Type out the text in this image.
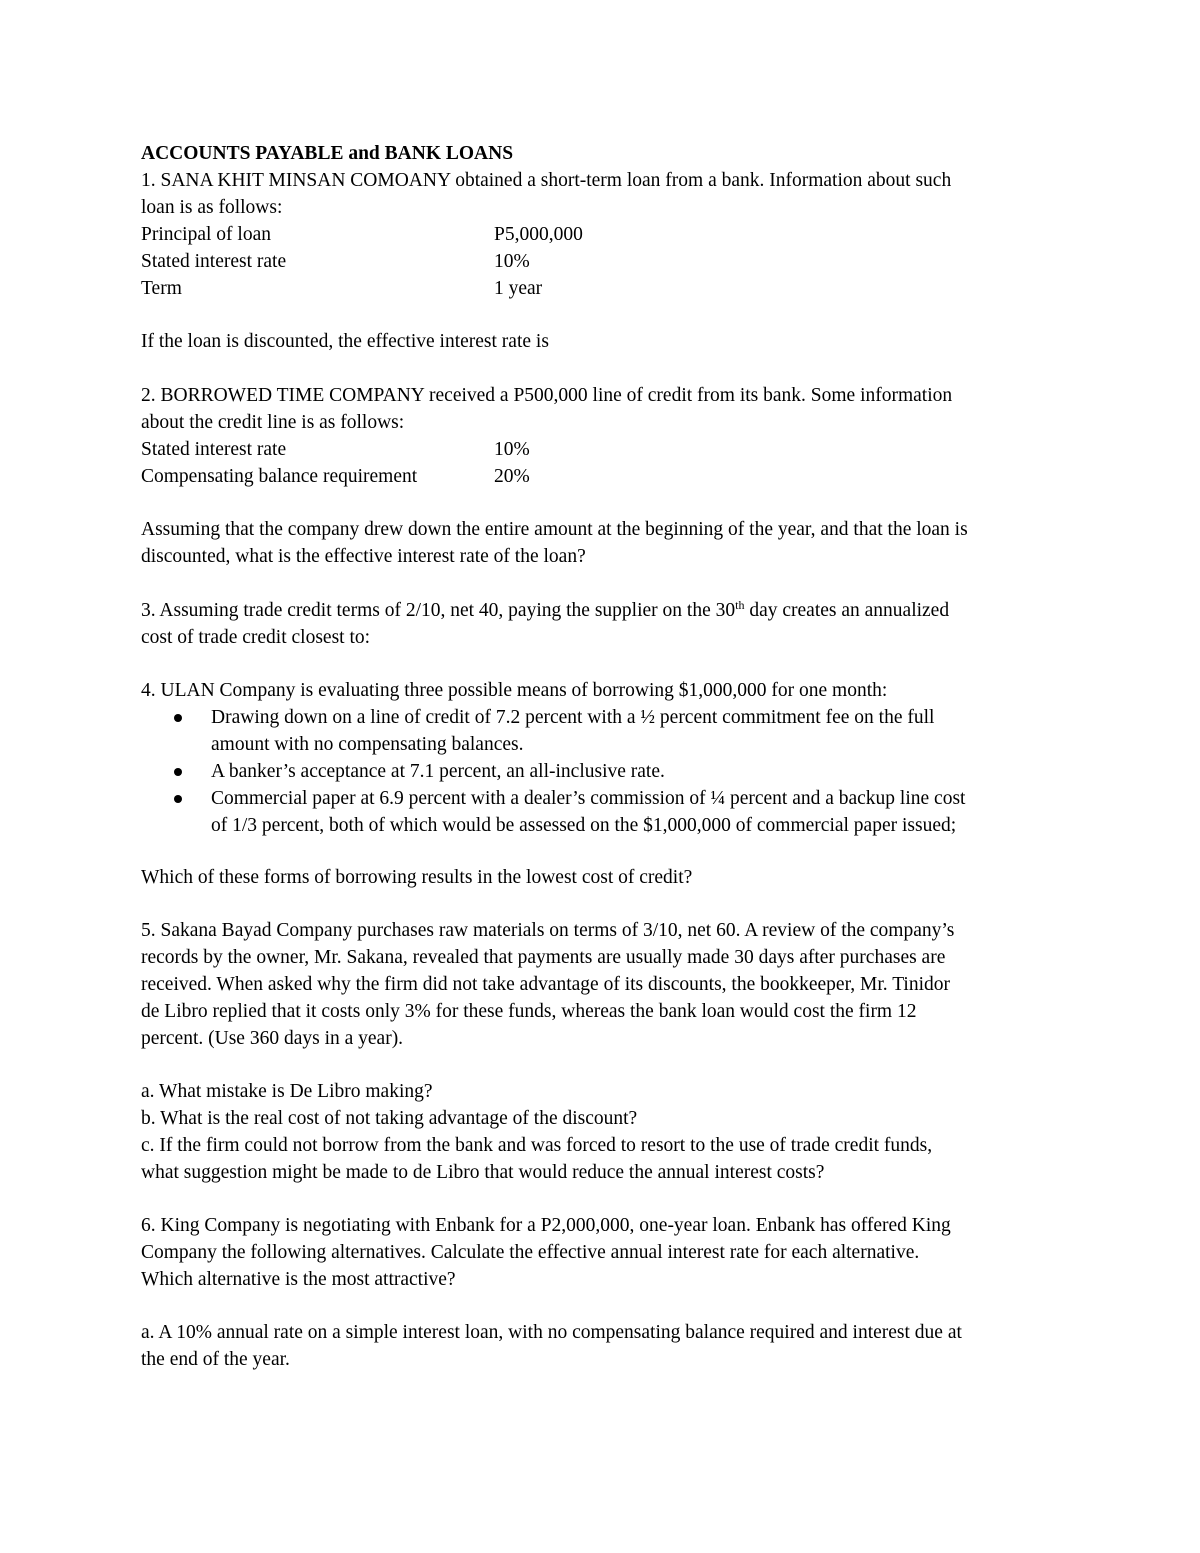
ACCOUNTS PAYABLE and BANK LOANS
1. SANA KHIT MINSAN COMOANY obtained a short-term loan from a bank. Information about such
loan is as follows:
Principal of loan	P5,000,000
Stated interest rate	10%
Term	1 year
If the loan is discounted, the effective interest rate is
2. BORROWED TIME COMPANY received a P500,000 line of credit from its bank. Some information
about the credit line is as follows:
Stated interest rate	10%
Compensating balance requirement	20%
Assuming that the company drew down the entire amount at the beginning of the year, and that the loan is
discounted, what is the effective interest rate of the loan?
3. Assuming trade credit terms of 2/10, net 40, paying the supplier on the 30th day creates an annualized
cost of trade credit closest to:
4. ULAN Company is evaluating three possible means of borrowing $1,000,000 for one month:
Drawing down on a line of credit of 7.2 percent with a ½ percent commitment fee on the full
amount with no compensating balances.
A banker’s acceptance at 7.1 percent, an all-inclusive rate.
Commercial paper at 6.9 percent with a dealer’s commission of ¼ percent and a backup line cost
of 1/3 percent, both of which would be assessed on the $1,000,000 of commercial paper issued;
Which of these forms of borrowing results in the lowest cost of credit?
5. Sakana Bayad Company purchases raw materials on terms of 3/10, net 60. A review of the company’s
records by the owner, Mr. Sakana, revealed that payments are usually made 30 days after purchases are
received. When asked why the firm did not take advantage of its discounts, the bookkeeper, Mr. Tinidor
de Libro replied that it costs only 3% for these funds, whereas the bank loan would cost the firm 12
percent. (Use 360 days in a year).
a. What mistake is De Libro making?
b. What is the real cost of not taking advantage of the discount?
c. If the firm could not borrow from the bank and was forced to resort to the use of trade credit funds,
what suggestion might be made to de Libro that would reduce the annual interest costs?
6. King Company is negotiating with Enbank for a P2,000,000, one-year loan. Enbank has offered King
Company the following alternatives. Calculate the effective annual interest rate for each alternative.
Which alternative is the most attractive?
a. A 10% annual rate on a simple interest loan, with no compensating balance required and interest due at
the end of the year.
